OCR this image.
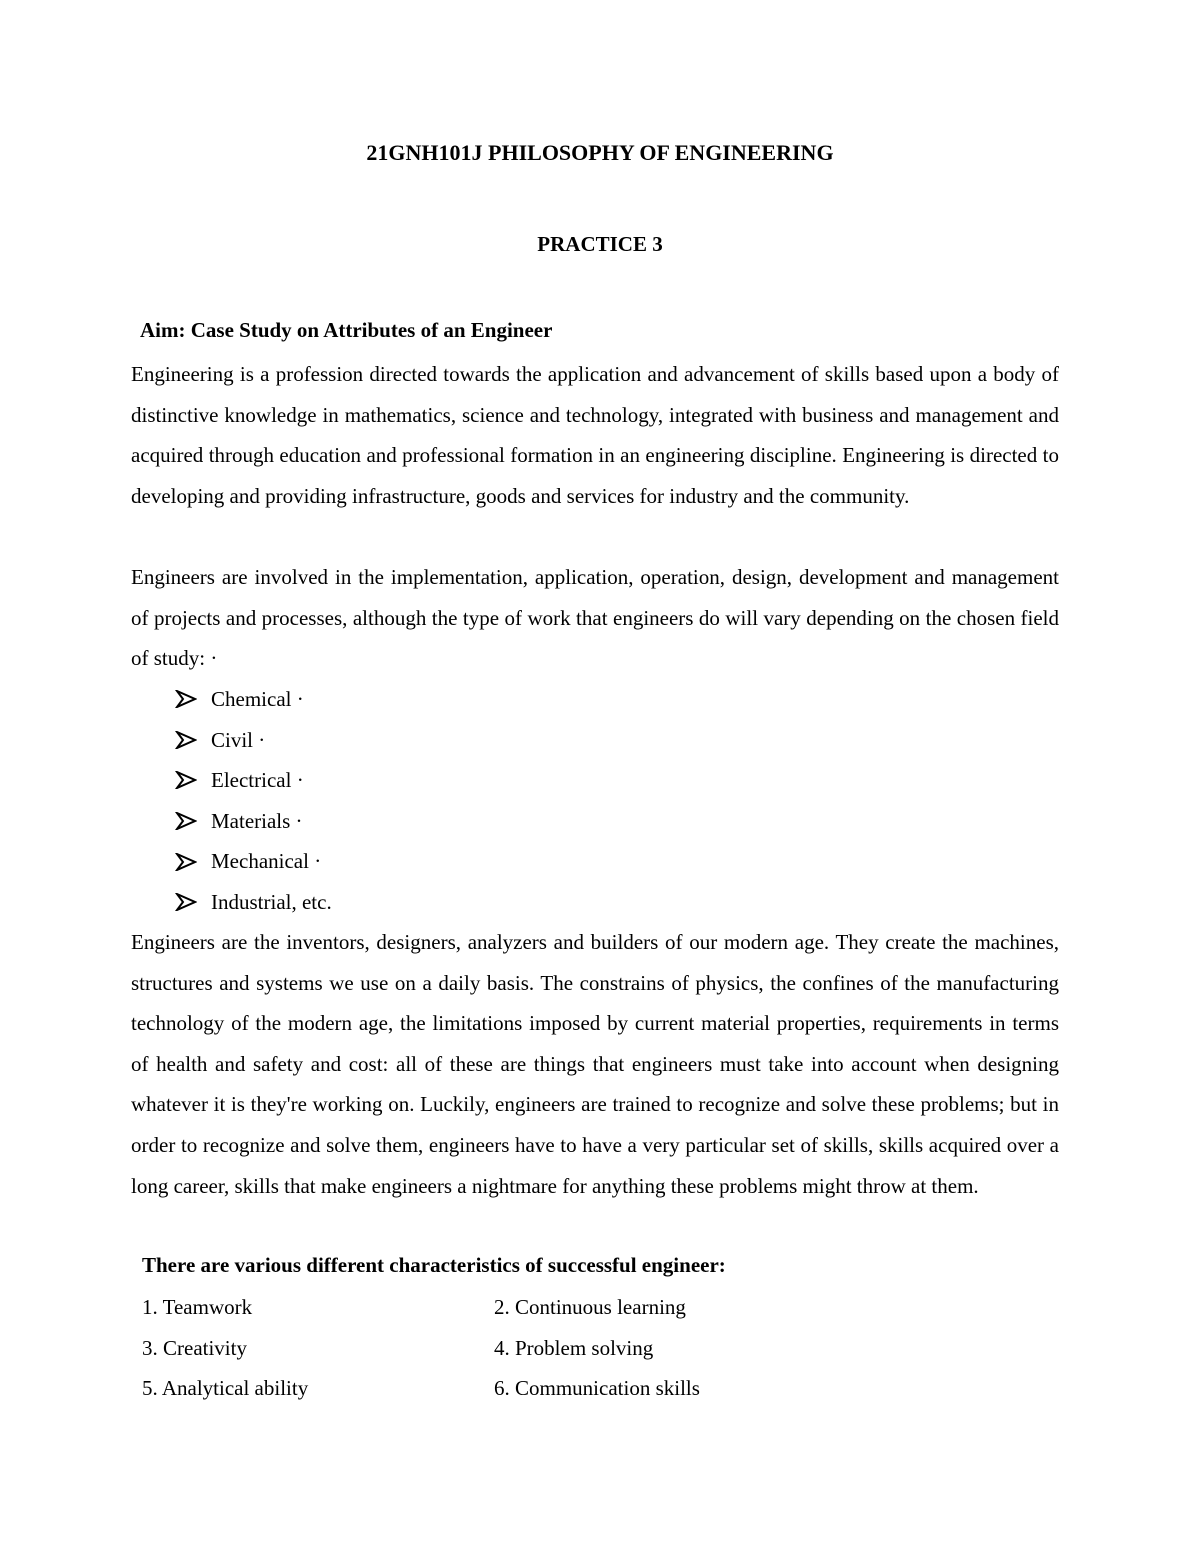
21GNH101J PHILOSOPHY OF ENGINEERING
PRACTICE 3

Aim: Case Study on Attributes of an Engineer

Engineering is a profession directed towards the application and advancement of skills based upon a body of distinctive knowledge in mathematics, science and technology, integrated with business and management and acquired through education and professional formation in an engineering discipline. Engineering is directed to developing and providing infrastructure, goods and services for industry and the community.

Engineers are involved in the implementation, application, operation, design, development and management of projects and processes, although the type of work that engineers do will vary depending on the chosen field of study: ·

Chemical ·
Civil ·
Electrical ·
Materials ·
Mechanical ·
Industrial, etc.

Engineers are the inventors, designers, analyzers and builders of our modern age. They create the machines, structures and systems we use on a daily basis. The constrains of physics, the confines of the manufacturing technology of the modern age, the limitations imposed by current material properties, requirements in terms of health and safety and cost: all of these are things that engineers must take into account when designing whatever it is they're working on. Luckily, engineers are trained to recognize and solve these problems; but in order to recognize and solve them, engineers have to have a very particular set of skills, skills acquired over a long career, skills that make engineers a nightmare for anything these problems might throw at them.

There are various different characteristics of successful engineer:

1. Teamwork	2. Continuous learning
3. Creativity	4. Problem solving
5. Analytical ability	6. Communication skills
